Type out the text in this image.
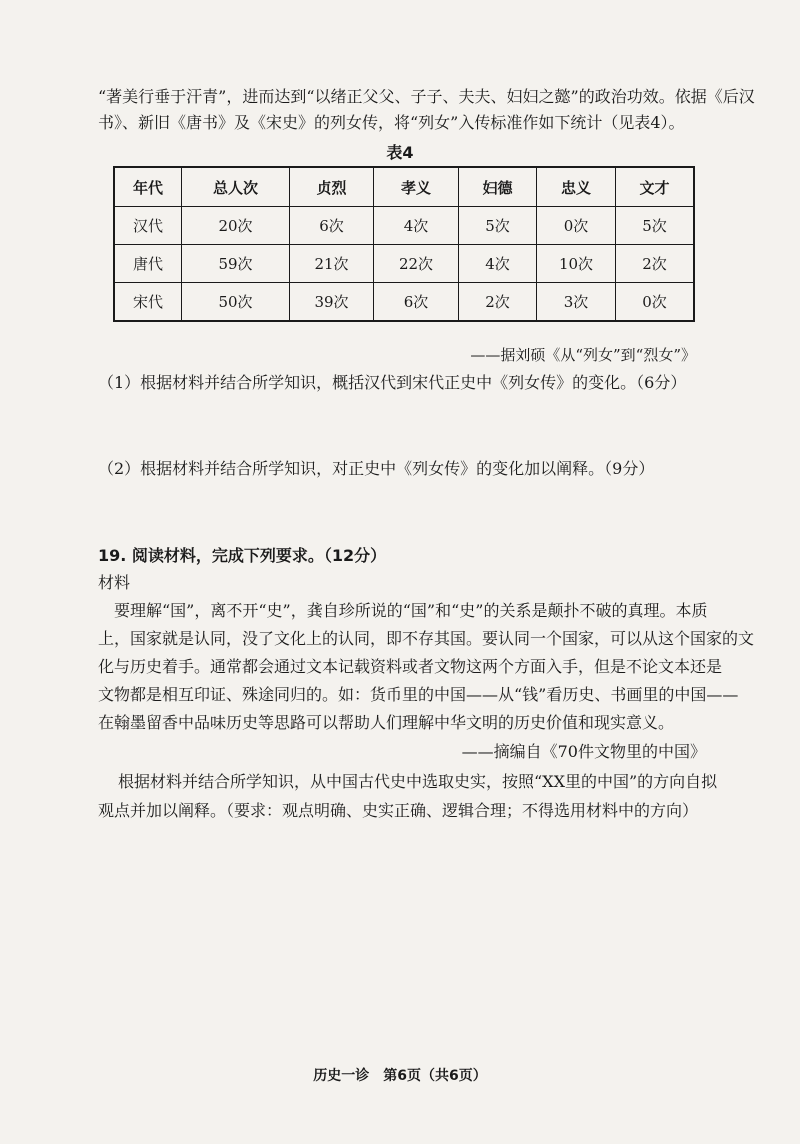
“著美行垂于汗青”，进而达到“以绪正父父、子子、夫夫、妇妇之懿”的政治功效。依据《后汉
书》、新旧《唐书》及《宋史》的列女传，将“列女”入传标准作如下统计（见表4）。
表4
年代	总人次	贞烈	孝义	妇德	忠义	文才
汉代	20次	6次	4次	5次	0次	5次
唐代	59次	21次	22次	4次	10次	2次
宋代	50次	39次	6次	2次	3次	0次
——据刘硕《从“列女”到“烈女”》
（1）根据材料并结合所学知识，概括汉代到宋代正史中《列女传》的变化。（6分）
（2）根据材料并结合所学知识，对正史中《列女传》的变化加以阐释。（9分）
19. 阅读材料，完成下列要求。（12分）
材料
要理解“国”，离不开“史”，龚自珍所说的“国”和“史”的关系是颠扑不破的真理。本质
上，国家就是认同，没了文化上的认同，即不存其国。要认同一个国家，可以从这个国家的文
化与历史着手。通常都会通过文本记载资料或者文物这两个方面入手，但是不论文本还是
文物都是相互印证、殊途同归的。如：货币里的中国——从“钱”看历史、书画里的中国——
在翰墨留香中品味历史等思路可以帮助人们理解中华文明的历史价值和现实意义。
——摘编自《70件文物里的中国》
根据材料并结合所学知识，从中国古代史中选取史实，按照“XX里的中国”的方向自拟
观点并加以阐释。（要求：观点明确、史实正确、逻辑合理；不得选用材料中的方向）
历史一诊　第6页（共6页）
